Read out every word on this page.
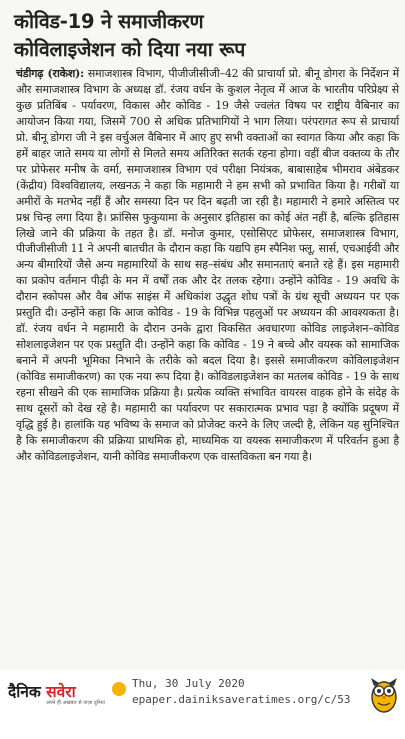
कोविड-19 ने समाजीकरण
कोविलाइजेशन को दिया नया रूप
चंडीगढ़ (राकेश): समाजशास्त्र विभाग, पीजीजीसीजी–42 की प्राचार्या प्रो. बीनू डोगरा के निर्देशन में और समाजशास्त्र विभाग के अध्यक्ष डॉ. रंजय वर्धन के कुशल नेतृत्व में आज के भारतीय परिप्रेक्ष्य से कुछ प्रतिबिंब - पर्यावरण, विकास और कोविड - 19 जैसे ज्वलंत विषय पर राष्ट्रीय वैबिनार का आयोजन किया गया, जिसमें 700 से अधिक प्रतिभागियों ने भाग लिया। परंपरागत रूप से प्राचार्या प्रो. बीनू डोगरा जी ने इस वर्चुअल वैबिनार में आए हुए सभी वक्ताओं का स्वागत किया और कहा कि हमें बाहर जाते समय या लोगों से मिलते समय अतिरिक्त सतर्क रहना होगा। वहीं बीज वक्तव्य के तौर पर प्रोफेसर मनीष के वर्मा, समाजशास्त्र विभाग एवं परीक्षा नियंत्रक, बाबासाहेब भीमराव अंबेडकर (केंद्रीय) विश्वविद्यालय, लखनऊ ने कहा कि महामारी ने हम सभी को प्रभावित किया है। गरीबों या अमीरों के मतभेद नहीं हैं और समस्या दिन पर दिन बढ़ती जा रही है। महामारी ने हमारे अस्तित्व पर प्रश्न चिन्ह लगा दिया है। फ्रांसिस फुकुयामा के अनुसार इतिहास का कोई अंत नहीं है, बल्कि इतिहास लिखे जाने की प्रक्रिया के तहत है। डॉ. मनोज कुमार, एसोसिएट प्रोफेसर, समाजशास्त्र विभाग, पीजीजीसीजी 11 ने अपनी बातचीत के दौरान कहा कि यद्यपि हम स्पैनिश फ्लू, सार्स, एचआईवी और अन्य बीमारियों जैसे अन्य महामारियों के साथ सह–संबंध और समानताएं बनाते रहे हैं। इस महामारी का प्रकोप वर्तमान पीढ़ी के मन में वर्षों तक और देर तलक रहेगा। उन्होंने कोविड - 19 अवधि के दौरान स्कोपस और वैब ऑफ साइंस में अधिकांश उद्धृत शोध पत्रों के ग्रंथ सूची अध्ययन पर एक प्रस्तुति दी। उन्होंने कहा कि आज कोविड - 19 के विभिन्न पहलुओं पर अध्ययन की आवश्यकता है। डॉ. रंजय वर्धन ने महामारी के दौरान उनके द्वारा विकसित अवधारणा कोविड लाइजेशन–कोविड सोशलाइजेशन पर एक प्रस्तुति दी। उन्होंने कहा कि कोविड - 19 ने बच्चे और वयस्क को सामाजिक बनाने में अपनी भूमिका निभाने के तरीके को बदल दिया है। इससे समाजीकरण कोविलाइजेशन (कोविड समाजीकरण) का एक नया रूप दिया है। कोविडलाइजेशन का मतलब कोविड - 19 के साथ रहना सीखने की एक सामाजिक प्रक्रिया है। प्रत्येक व्यक्ति संभावित वायरस वाहक होने के संदेह के साथ दूसरों को देख रहे है। महामारी का पर्यावरण पर सकारात्मक प्रभाव पड़ा है क्योंकि प्रदूषण में वृद्धि हुई है। हालांकि यह भविष्य के समाज को प्रोजेक्ट करने के लिए जल्दी है, लेकिन यह सुनिश्चित है कि समाजीकरण की प्रक्रिया प्राथमिक हो, माध्यमिक या वयस्क समाजीकरण में परिवर्तन हुआ है और कोविडलाइजेशन, यानी कोविड समाजीकरण एक वास्तविकता बन गया है।
दैनिक सवेरा
अपने ही अखबार से ताज़ा दुनिया
Thu, 30 July 2020
epaper.dainiksaveratimes.org/c/53
